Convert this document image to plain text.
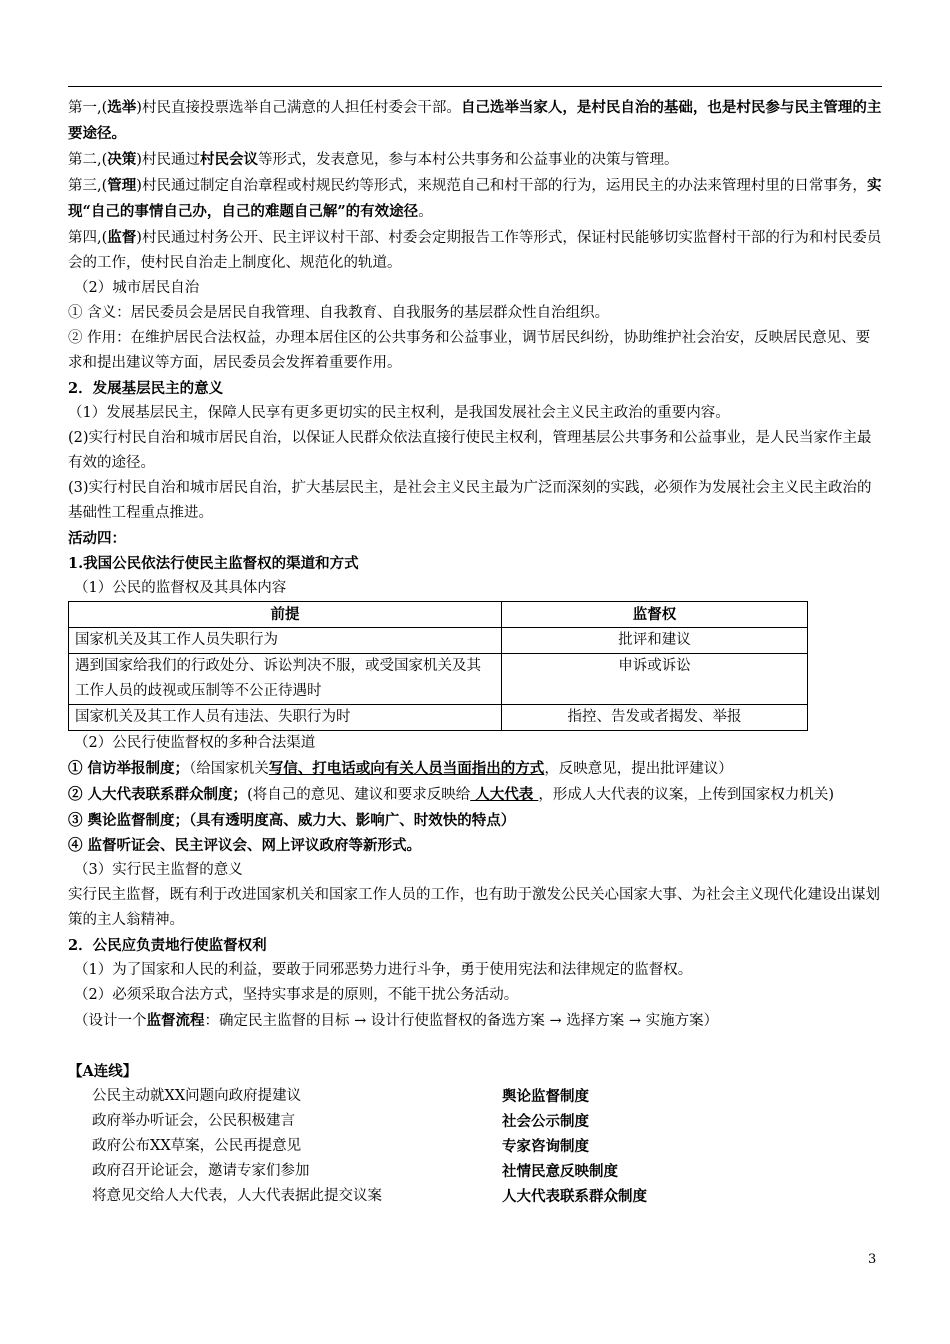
第一,(选举)村民直接投票选举自己满意的人担任村委会干部。自己选举当家人，是村民自治的基础，也是村民参与民主管理的主要途径。

第二,(决策)村民通过村民会议等形式，发表意见，参与本村公共事务和公益事业的决策与管理。

第三,(管理)村民通过制定自治章程或村规民约等形式，来规范自己和村干部的行为，运用民主的办法来管理村里的日常事务，实现“自己的事情自己办，自己的难题自己解”的有效途径。

第四,(监督)村民通过村务公开、民主评议村干部、村委会定期报告工作等形式，保证村民能够切实监督村干部的行为和村民委员会的工作，使村民自治走上制度化、规范化的轨道。

（2）城市居民自治

① 含义：居民委员会是居民自我管理、自我教育、自我服务的基层群众性自治组织。

② 作用：在维护居民合法权益，办理本居住区的公共事务和公益事业，调节居民纠纷，协助维护社会治安，反映居民意见、要求和提出建议等方面，居民委员会发挥着重要作用。

2．发展基层民主的意义

（1）发展基层民主，保障人民享有更多更切实的民主权利，是我国发展社会主义民主政治的重要内容。

(2)实行村民自治和城市居民自治，以保证人民群众依法直接行使民主权利，管理基层公共事务和公益事业，是人民当家作主最有效的途径。

(3)实行村民自治和城市居民自治，扩大基层民主，是社会主义民主最为广泛而深刻的实践，必须作为发展社会主义民主政治的基础性工程重点推进。

活动四：

1.我国公民依法行使民主监督权的渠道和方式

（1）公民的监督权及其具体内容

前提	监督权
国家机关及其工作人员失职行为	批评和建议
遇到国家给我们的行政处分、诉讼判决不服，或受国家机关及其工作人员的歧视或压制等不公正待遇时	申诉或诉讼
国家机关及其工作人员有违法、失职行为时	指控、告发或者揭发、举报

（2）公民行使监督权的多种合法渠道

① 信访举报制度；（给国家机关写信、打电话或向有关人员当面指出的方式，反映意见，提出批评建议）

② 人大代表联系群众制度；(将自己的意见、建议和要求反映给 人大代表 ，形成人大代表的议案，上传到国家权力机关)

③ 舆论监督制度；（具有透明度高、威力大、影响广、时效快的特点）

④ 监督听证会、民主评议会、网上评议政府等新形式。

（3）实行民主监督的意义

实行民主监督，既有利于改进国家机关和国家工作人员的工作，也有助于激发公民关心国家大事、为社会主义现代化建设出谋划策的主人翁精神。

2．公民应负责地行使监督权利

（1）为了国家和人民的利益，要敢于同邪恶势力进行斗争，勇于使用宪法和法律规定的监督权。

（2）必须采取合法方式，坚持实事求是的原则，不能干扰公务活动。

（设计一个监督流程：确定民主监督的目标 → 设计行使监督权的备选方案 → 选择方案 → 实施方案）

【A连线】

公民主动就XX问题向政府提建议	舆论监督制度
政府举办听证会，公民积极建言	社会公示制度
政府公布XX草案，公民再提意见	专家咨询制度
政府召开论证会，邀请专家们参加	社情民意反映制度
将意见交给人大代表，人大代表据此提交议案	人大代表联系群众制度
3
